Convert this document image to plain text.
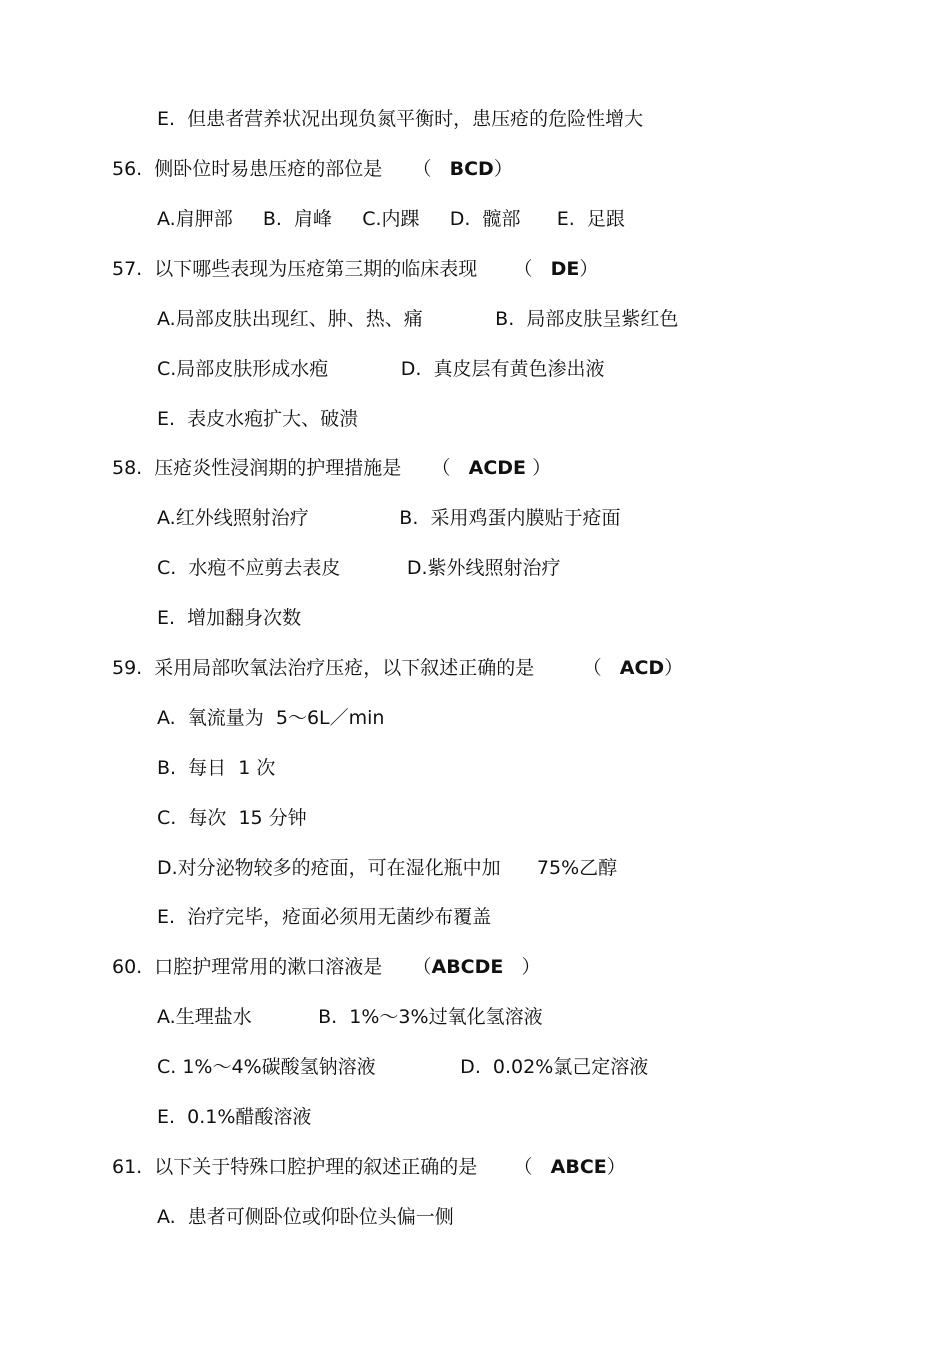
E.  但患者营养状况出现负氮平衡时，患压疮的危险性增大
56.  侧卧位时易患压疮的部位是     （   BCD）
A.肩胛部     B.  肩峰     C.内踝     D.  髋部      E.  足跟
57.  以下哪些表现为压疮第三期的临床表现      （   DE）
A.局部皮肤出现红、肿、热、痛            B.  局部皮肤呈紫红色
C.局部皮肤形成水疱            D.  真皮层有黄色渗出液
E.  表皮水疱扩大、破溃
58.  压疮炎性浸润期的护理措施是     （   ACDE ）
A.红外线照射治疗               B.  采用鸡蛋内膜贴于疮面
C.  水疱不应剪去表皮           D.紫外线照射治疗
E.  增加翻身次数
59.  采用局部吹氧法治疗压疮，以下叙述正确的是        （   ACD）
A.  氧流量为  5～6L／min
B.  每日  1 次
C.  每次  15 分钟
D.对分泌物较多的疮面，可在湿化瓶中加      75%乙醇
E.  治疗完毕，疮面必须用无菌纱布覆盖
60.  口腔护理常用的漱口溶液是     （ABCDE   ）
A.生理盐水           B.  1%～3%过氧化氢溶液
C. 1%～4%碳酸氢钠溶液              D.  0.02%氯己定溶液
E.  0.1%醋酸溶液
61.  以下关于特殊口腔护理的叙述正确的是      （   ABCE）
A.  患者可侧卧位或仰卧位头偏一侧
